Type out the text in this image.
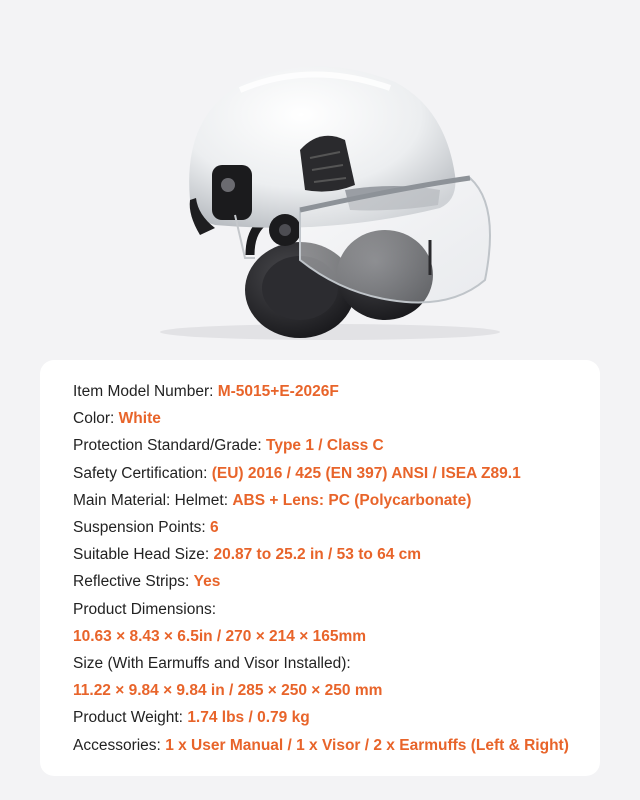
Item Model Number: M-5015+E-2026F
Color: White
Protection Standard/Grade: Type 1 / Class C
Safety Certification: (EU) 2016 / 425 (EN 397) ANSI / ISEA Z89.1
Main Material: Helmet: ABS + Lens: PC (Polycarbonate)
Suspension Points: 6
Suitable Head Size: 20.87 to 25.2 in / 53 to 64 cm
Reflective Strips: Yes
Product Dimensions:
10.63 × 8.43 × 6.5in / 270 × 214 × 165mm
Size (With Earmuffs and Visor Installed):
11.22 × 9.84 × 9.84 in / 285 × 250 × 250 mm
Product Weight: 1.74 lbs / 0.79 kg
Accessories: 1 x User Manual / 1 x Visor / 2 x Earmuffs (Left & Right)
